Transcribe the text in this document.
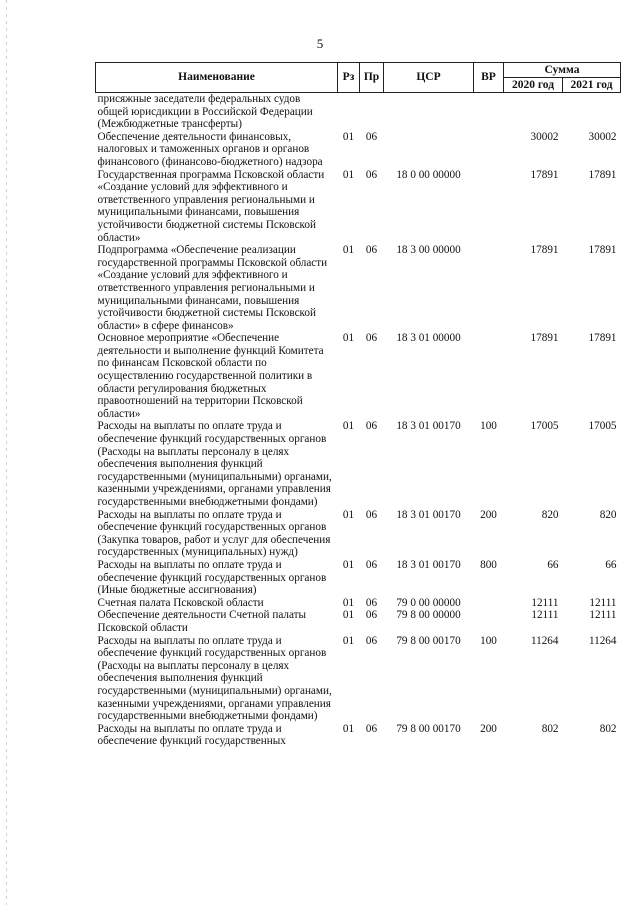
5
Наименование	Рз	Пр	ЦСР	ВР	Сумма	
					2020 год	2021 год
присяжные заседатели федеральных судов общей юрисдикции в Российской Федерации (Межбюджетные трансферты)						
Обеспечение деятельности финансовых, налоговых и таможенных органов и органов финансового (финансово-бюджетного) надзора	01	06			30002	30002
Государственная программа Псковской области «Создание условий для эффективного и ответственного управления региональными и муниципальными финансами, повышения устойчивости бюджетной системы Псковской области»	01	06	18 0 00 00000		17891	17891
Подпрограмма «Обеспечение реализации государственной программы Псковской области «Создание условий для эффективного и ответственного управления региональными и муниципальными финансами, повышения устойчивости бюджетной системы Псковской области» в сфере финансов»	01	06	18 3 00 00000		17891	17891
Основное мероприятие «Обеспечение деятельности и выполнение функций Комитета по финансам Псковской области по осуществлению государственной политики в области регулирования бюджетных правоотношений на территории Псковской области»	01	06	18 3 01 00000		17891	17891
Расходы на выплаты по оплате труда и обеспечение функций государственных органов (Расходы на выплаты персоналу в целях обеспечения выполнения функций государственными (муниципальными) органами, казенными учреждениями, органами управления государственными внебюджетными фондами)	01	06	18 3 01 00170	100	17005	17005
Расходы на выплаты по оплате труда и обеспечение функций государственных органов (Закупка товаров, работ и услуг для обеспечения государственных (муниципальных) нужд)	01	06	18 3 01 00170	200	820	820
Расходы на выплаты по оплате труда и обеспечение функций государственных органов (Иные бюджетные ассигнования)	01	06	18 3 01 00170	800	66	66
Счетная палата Псковской области	01	06	79 0 00 00000		12111	12111
Обеспечение деятельности Счетной палаты Псковской области	01	06	79 8 00 00000		12111	12111
Расходы на выплаты по оплате труда и обеспечение функций государственных органов (Расходы на выплаты персоналу в целях обеспечения выполнения функций государственными (муниципальными) органами, казенными учреждениями, органами управления государственными внебюджетными фондами)	01	06	79 8 00 00170	100	11264	11264
Расходы на выплаты по оплате труда и обеспечение функций государственных	01	06	79 8 00 00170	200	802	802
